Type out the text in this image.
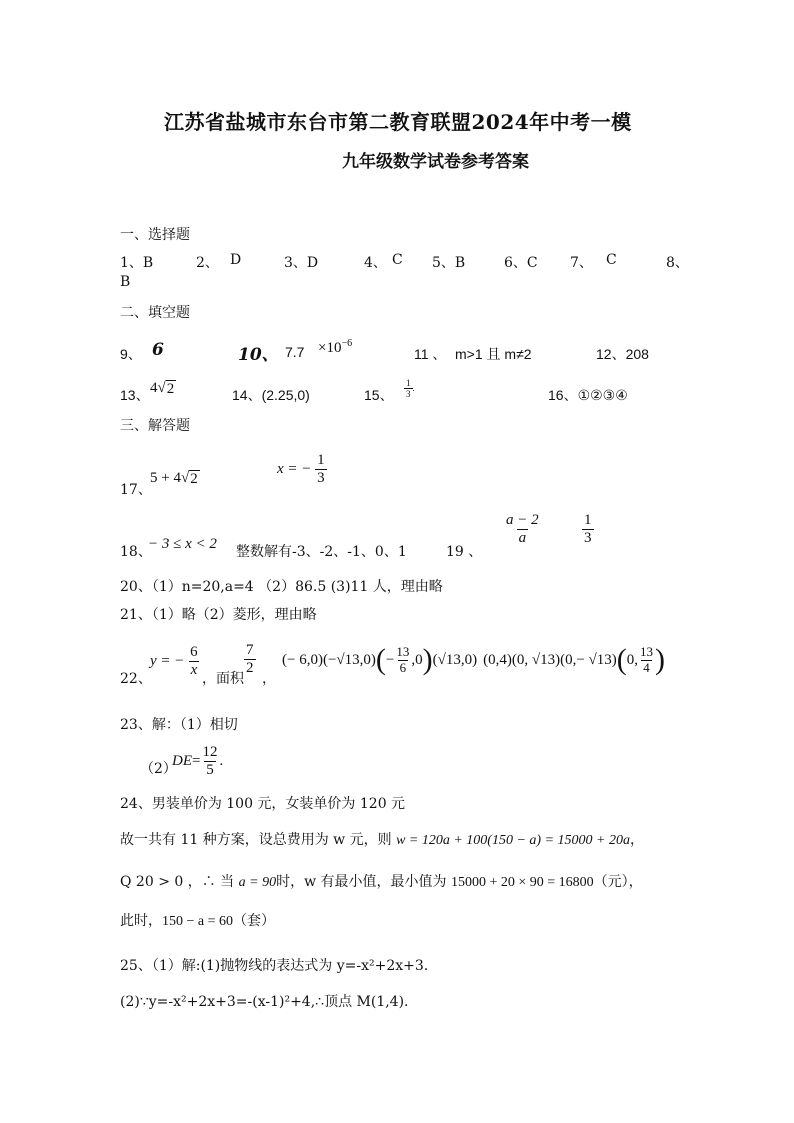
江苏省盐城市东台市第二教育联盟2024年中考一模
九年级数学试卷参考答案
一、选择题
1、B	2、 D	3、D	4、 C 5、B	6、C 7、 C	8、
B
二、填空题
9、 6	10、 $7.7 \times 10^{-6}$
11 、 m>1 且 m≠2	12、208
13、 4√ 2	14、(2.25,0)	15、 $\frac{1}{3}$ .	16、①②③④
三、解答题
17、
5 + 4√ 2
x = − $\frac{1}{3}$
18、
− 3 ≤ x < 2 整数解有-3、-2、-1、0、1	19 、
$\frac{a - 2}{a}$	$\frac{1}{3}$
20、（1）n=20,a=4 （2）86.5 (3)11 人，理由略
21、（1）略（2）菱形，理由略
22、
y = − $\frac{6}{x}$ ，面积
$\frac{7}{2}$
，
(− 6,0) (−√13,0) ( − $\frac{13}{6} ,0$ ) ( √13,0 ) (0,4) ( 0, √13 ) ( 0,− √13 ) ( 0, $\frac{13}{4}$ )
23、解：（1）相切
（2）
$DE= \frac{12}{5}$ .
24、男装单价为 100 元，女装单价为 120 元
故一共有 11 种方案，设总费用为 w 元，则 w = 120a + 100(150 − a) = 15000 + 20a，
Q 20 > 0 ，∴ 当 a = 90时，w 有最小值，最小值为 15000 + 20 × 90 = 16800（元），
此时，150 − a = 60（套）
25、（1）解:(1)抛物线的表达式为 y=-x²+2x+3.
(2)∵y=-x²+2x+3=-(x-1)²+4,∴顶点 M(1,4).
